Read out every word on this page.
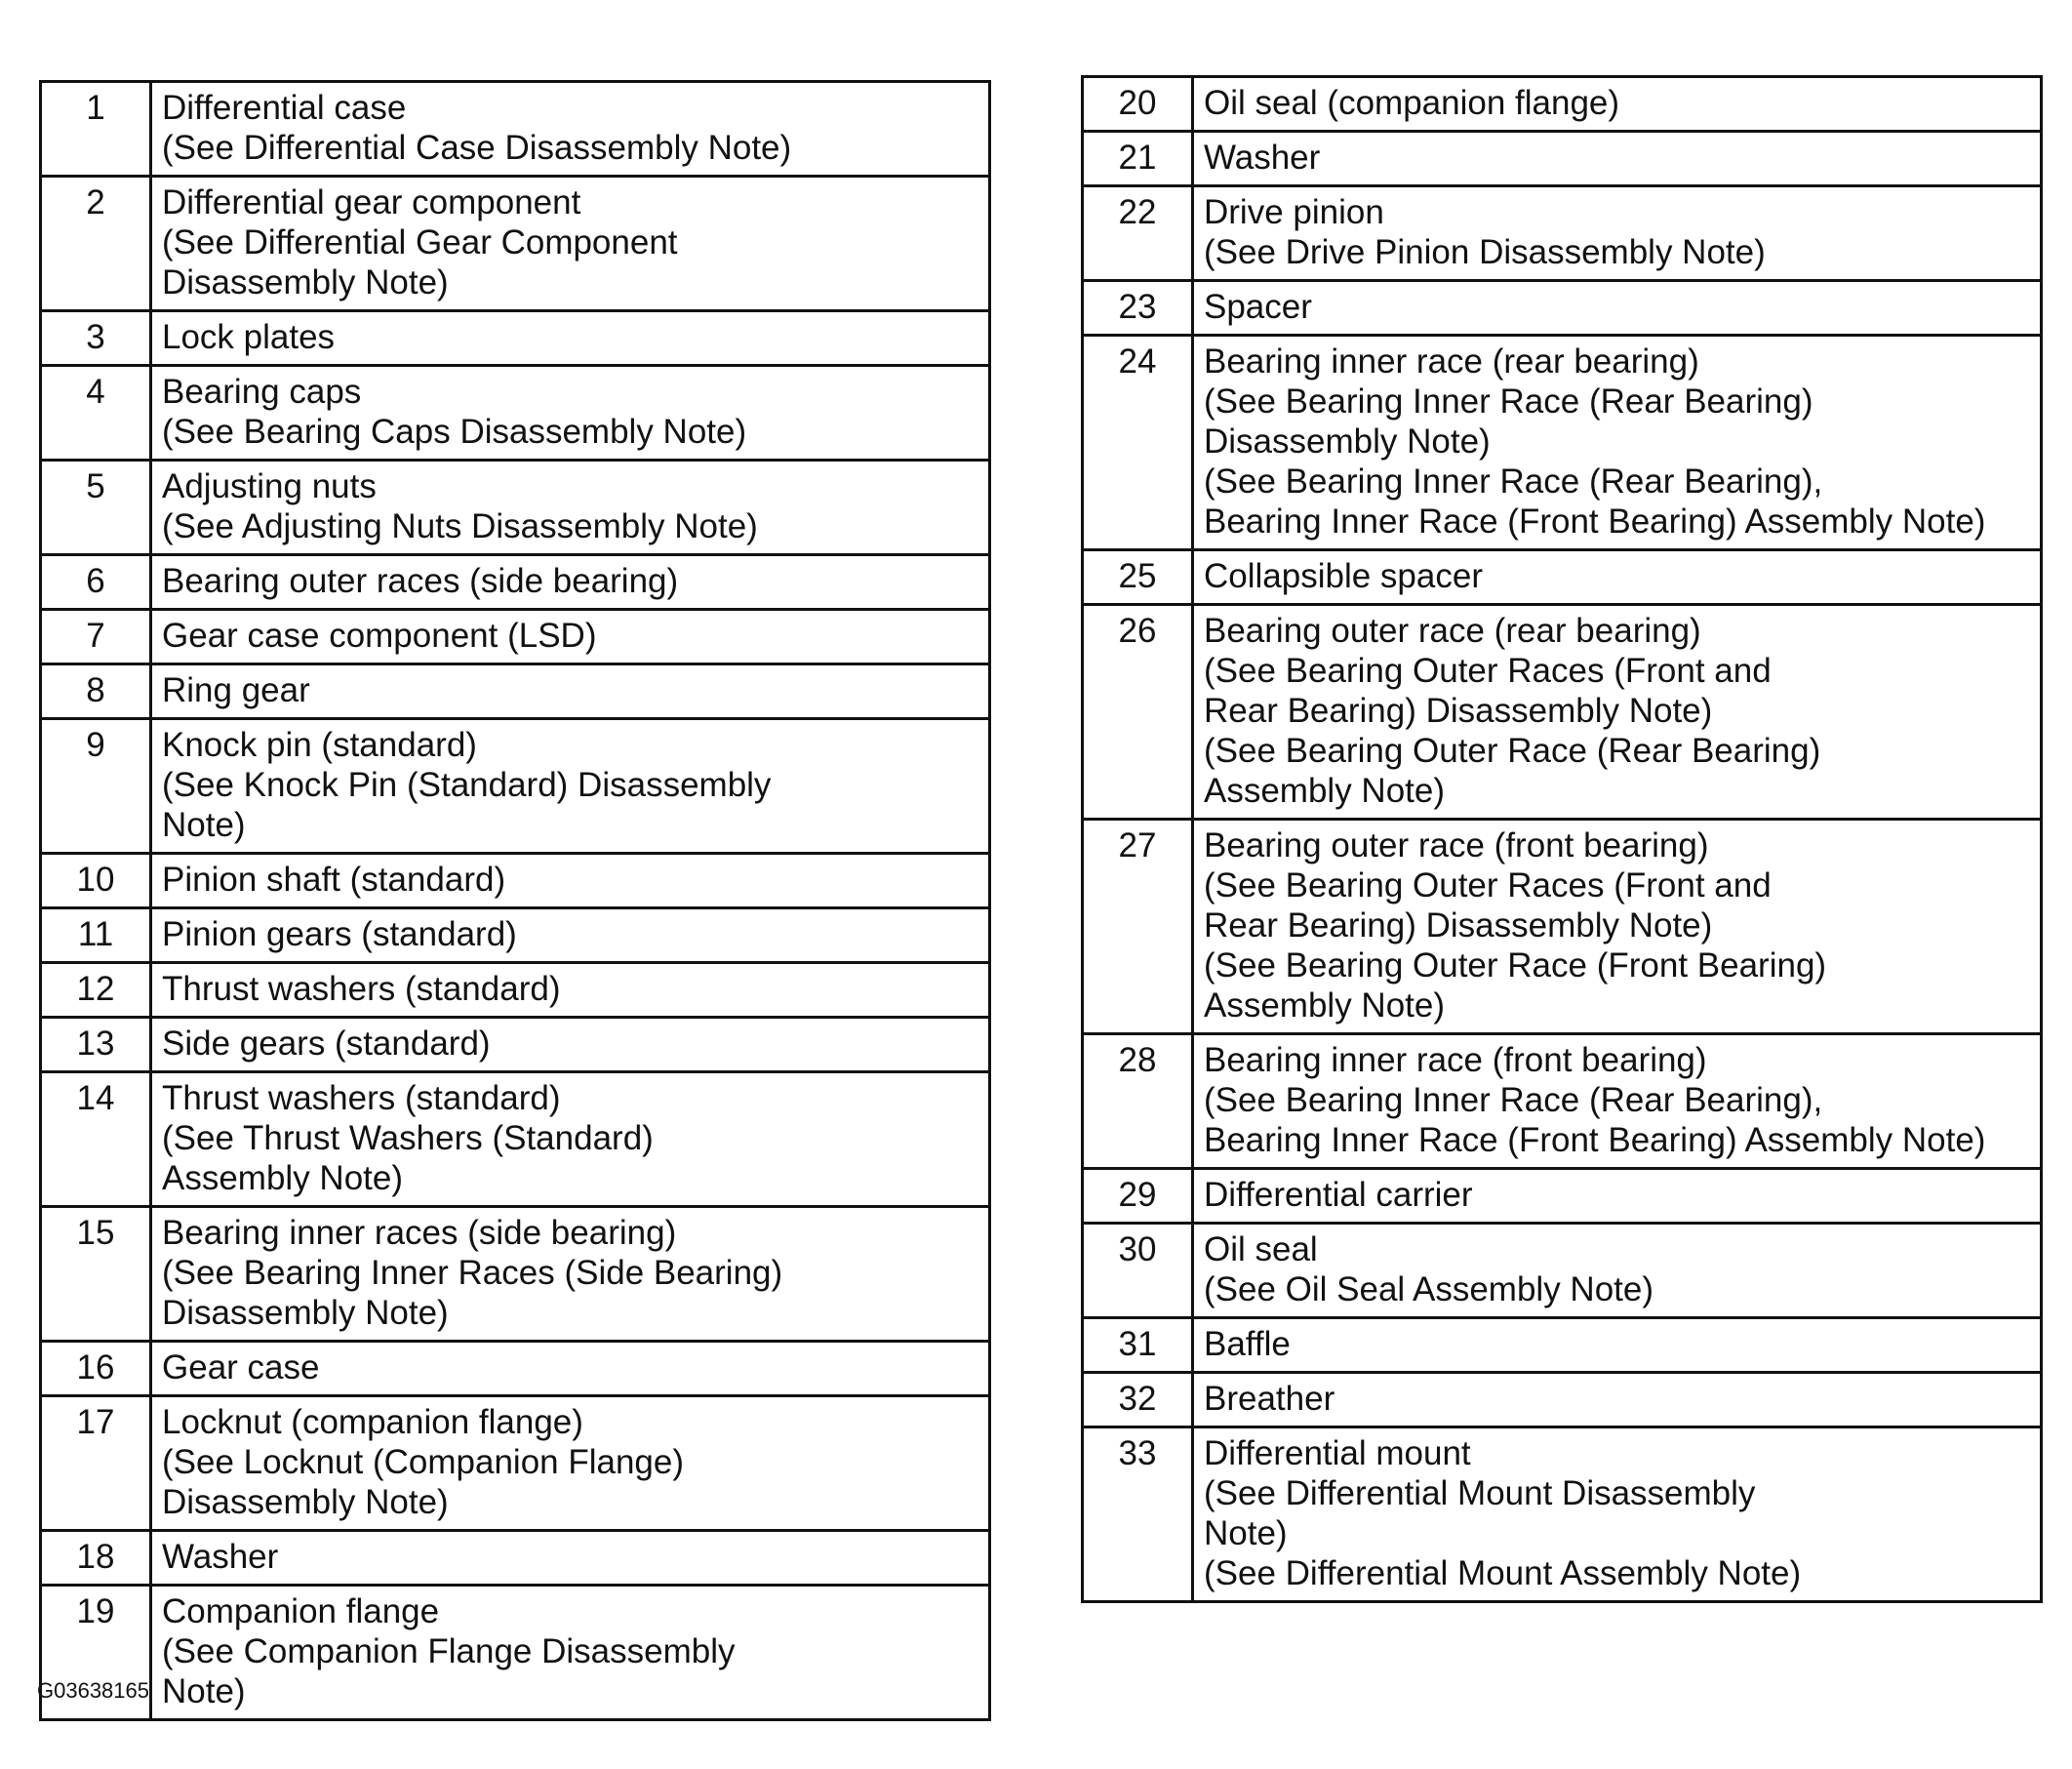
1	Differential case
(See Differential Case Disassembly Note)
2	Differential gear component
(See Differential Gear Component
Disassembly Note)
3	Lock plates
4	Bearing caps
(See Bearing Caps Disassembly Note)
5	Adjusting nuts
(See Adjusting Nuts Disassembly Note)
6	Bearing outer races (side bearing)
7	Gear case component (LSD)
8	Ring gear
9	Knock pin (standard)
(See Knock Pin (Standard) Disassembly
Note)
10	Pinion shaft (standard)
11	Pinion gears (standard)
12	Thrust washers (standard)
13	Side gears (standard)
14	Thrust washers (standard)
(See Thrust Washers (Standard)
Assembly Note)
15	Bearing inner races (side bearing)
(See Bearing Inner Races (Side Bearing)
Disassembly Note)
16	Gear case
17	Locknut (companion flange)
(See Locknut (Companion Flange)
Disassembly Note)
18	Washer
19	Companion flange
(See Companion Flange Disassembly
Note)
20	Oil seal (companion flange)
21	Washer
22	Drive pinion
(See Drive Pinion Disassembly Note)
23	Spacer
24	Bearing inner race (rear bearing)
(See Bearing Inner Race (Rear Bearing)
Disassembly Note)
(See Bearing Inner Race (Rear Bearing),
Bearing Inner Race (Front Bearing) Assembly Note)
25	Collapsible spacer
26	Bearing outer race (rear bearing)
(See Bearing Outer Races (Front and
Rear Bearing) Disassembly Note)
(See Bearing Outer Race (Rear Bearing)
Assembly Note)
27	Bearing outer race (front bearing)
(See Bearing Outer Races (Front and
Rear Bearing) Disassembly Note)
(See Bearing Outer Race (Front Bearing)
Assembly Note)
28	Bearing inner race (front bearing)
(See Bearing Inner Race (Rear Bearing),
Bearing Inner Race (Front Bearing) Assembly Note)
29	Differential carrier
30	Oil seal
(See Oil Seal Assembly Note)
31	Baffle
32	Breather
33	Differential mount
(See Differential Mount Disassembly
Note)
(See Differential Mount Assembly Note)
G03638165
